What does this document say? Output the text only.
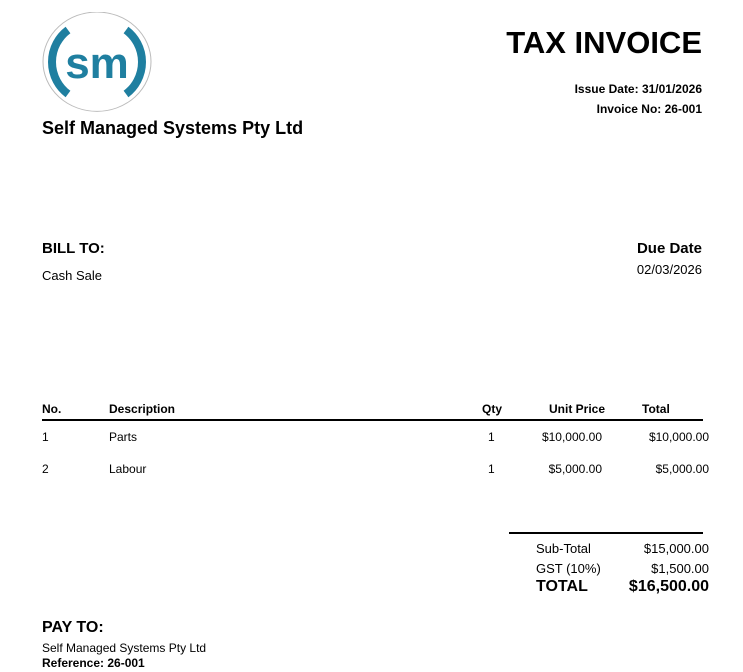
sm
Self Managed Systems Pty Ltd
TAX INVOICE
Issue Date: 31/01/2026
Invoice No: 26-001
BILL TO:
Cash Sale
Due Date
02/03/2026
No.	Description	Qty	Unit Price	Total
1	Parts	1	$10,000.00	$10,000.00
2	Labour	1	$5,000.00	$5,000.00
Sub-Total	$15,000.00
GST (10%)	$1,500.00
TOTAL	$16,500.00
PAY TO:
Self Managed Systems Pty Ltd
Reference: 26-001
